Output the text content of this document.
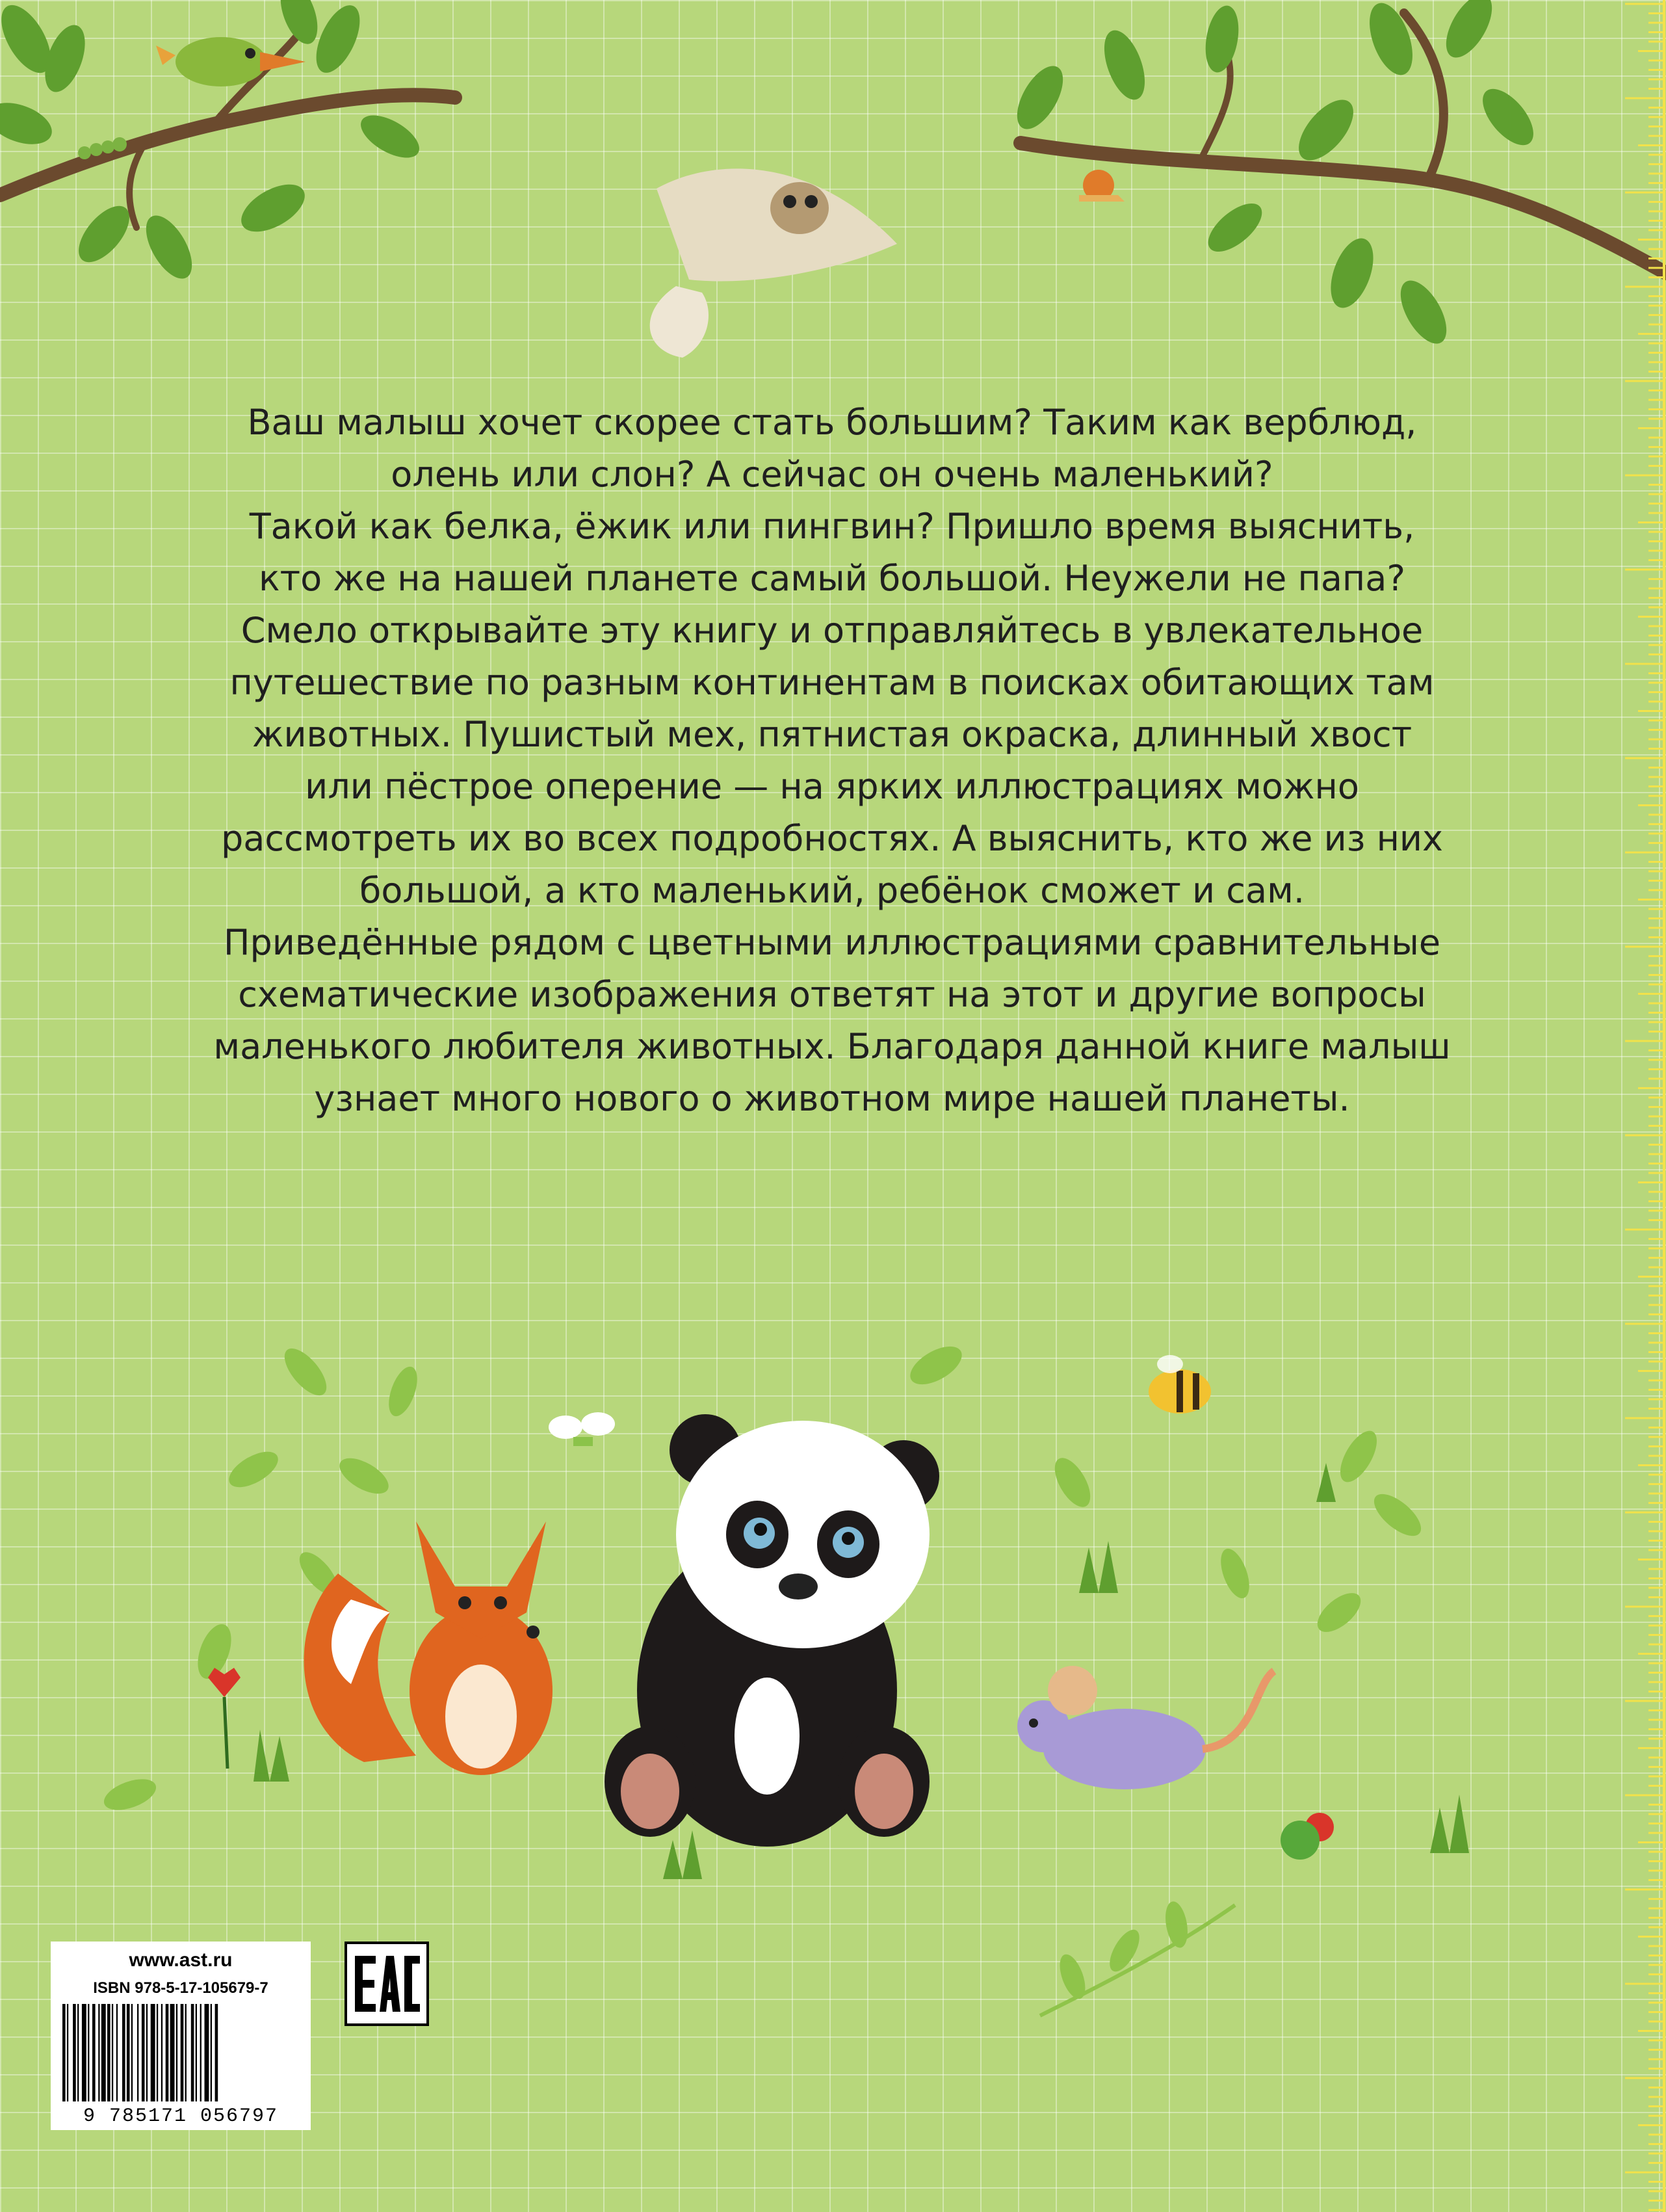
Ваш малыш хочет скорее стать большим? Таким как верблюд,
олень или слон? А сейчас он очень маленький?
Такой как белка, ёжик или пингвин? Пришло время выяснить,
кто же на нашей планете самый большой. Неужели не папа?
Смело открывайте эту книгу и отправляйтесь в увлекательное
путешествие по разным континентам в поисках обитающих там
животных. Пушистый мех, пятнистая окраска, длинный хвост
или пёстрое оперение — на ярких иллюстрациях можно
рассмотреть их во всех подробностях. А выяснить, кто же из них
большой, а кто маленький, ребёнок сможет и сам.
Приведённые рядом с цветными иллюстрациями сравнительные
схематические изображения ответят на этот и другие вопросы
маленького любителя животных. Благодаря данной книге малыш
узнает много нового о животном мире нашей планеты.
www.ast.ru
ISBN 978-5-17-105679-7
9 785171 056797
